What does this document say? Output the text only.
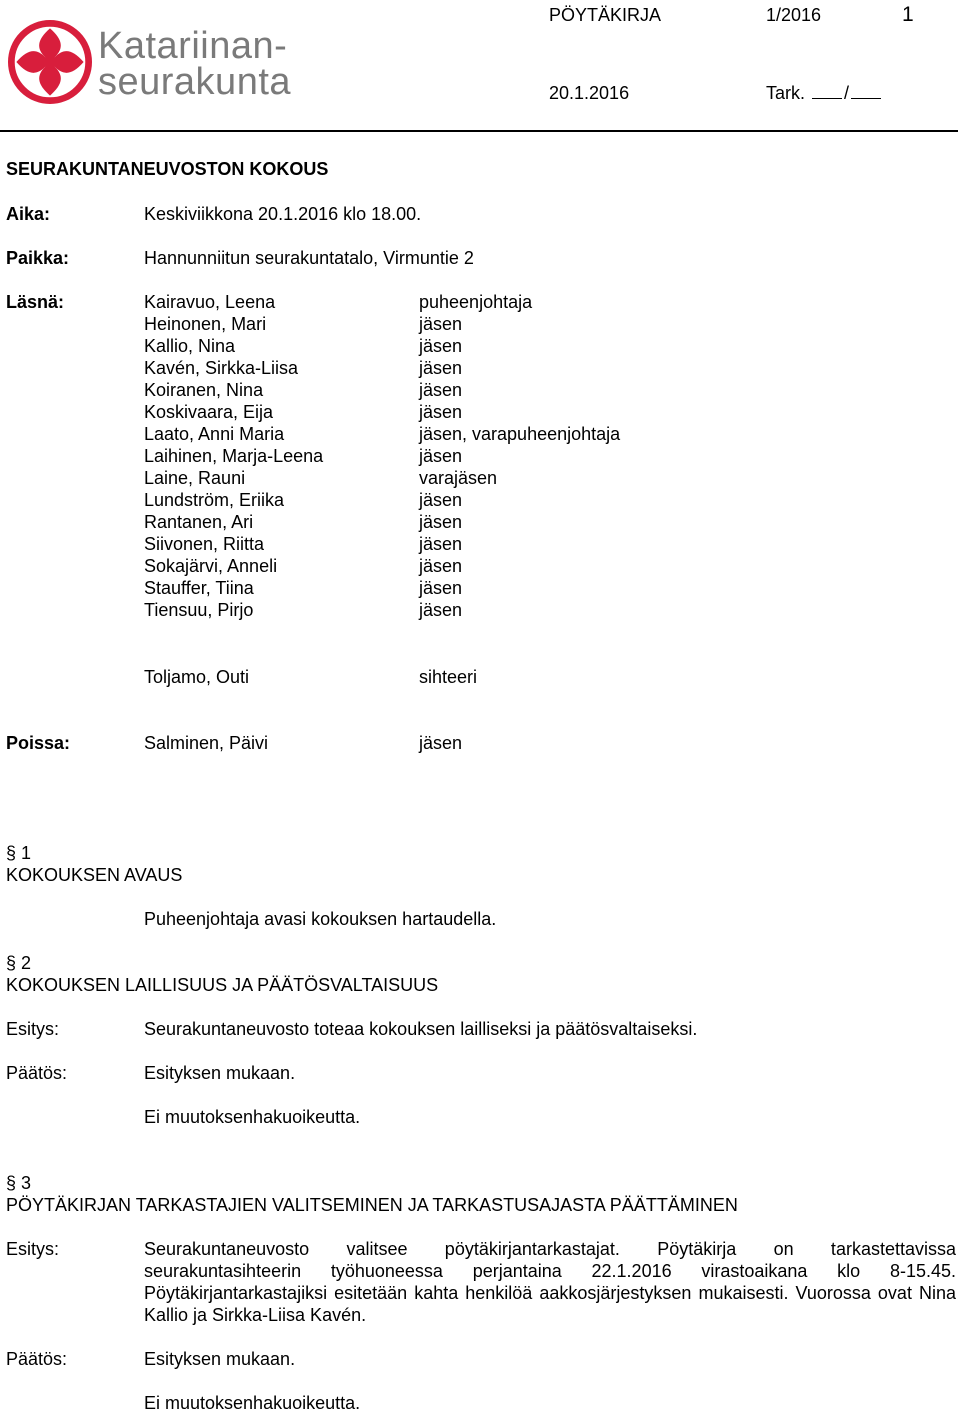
Katariinan-
seurakunta
PÖYTÄKIRJA	1/2016	1
20.1.2016	Tark. /
SEURAKUNTANEUVOSTON KOKOUS
Aika:	Keskiviikkona 20.1.2016 klo 18.00.
Paikka:	Hannunniitun seurakuntatalo, Virmuntie 2
Läsnä:	Kairavuo, Leena	puheenjohtaja
Heinonen, Mari	jäsen
Kallio, Nina	jäsen
Kavén, Sirkka-Liisa	jäsen
Koiranen, Nina	jäsen
Koskivaara, Eija	jäsen
Laato, Anni Maria	jäsen, varapuheenjohtaja
Laihinen, Marja-Leena	jäsen
Laine, Rauni	varajäsen
Lundström, Eriika	jäsen
Rantanen, Ari	jäsen
Siivonen, Riitta	jäsen
Sokajärvi, Anneli	jäsen
Stauffer, Tiina	jäsen
Tiensuu, Pirjo	jäsen
Toljamo, Outi	sihteeri
Poissa:	Salminen, Päivi	jäsen
§ 1
KOKOUKSEN AVAUS
Puheenjohtaja avasi kokouksen hartaudella.
§ 2
KOKOUKSEN LAILLISUUS JA PÄÄTÖSVALTAISUUS
Esitys:	Seurakuntaneuvosto toteaa kokouksen lailliseksi ja päätösvaltaiseksi.
Päätös:	Esityksen mukaan.
Ei muutoksenhakuoikeutta.
§ 3
PÖYTÄKIRJAN TARKASTAJIEN VALITSEMINEN JA TARKASTUSAJASTA PÄÄTTÄMINEN
Esitys:	Seurakuntaneuvosto valitsee pöytäkirjantarkastajat. Pöytäkirja on tarkastettavissa seurakuntasihteerin työhuoneessa perjantaina 22.1.2016 virastoaikana klo 8-15.45. Pöytäkirjantarkastajiksi esitetään kahta henkilöä aakkosjärjestyksen mukaisesti. Vuorossa ovat Nina Kallio ja Sirkka-Liisa Kavén.
Päätös:	Esityksen mukaan.
Ei muutoksenhakuoikeutta.
